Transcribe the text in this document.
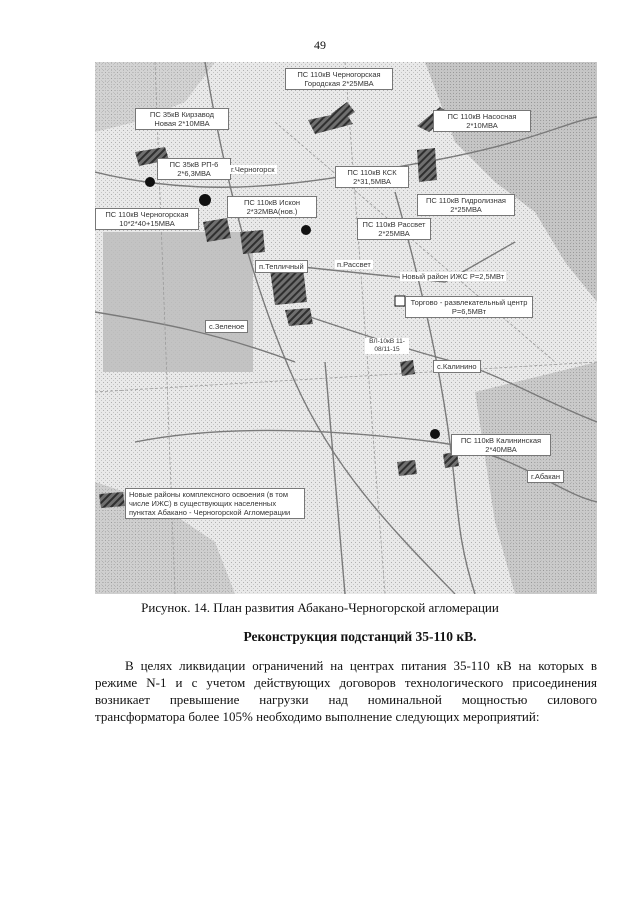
49
ПС 110кВ Черногорская Городская 2*25МВА
ПС 35кВ Кирзавод Новая 2*10МВА
ПС 35кВ РП-6 2*6,3МВА	г.Черногорск
ПС 110кВ Насосная 2*10МВА
ПС 110кВ КСК 2*31,5МВА
ПС 110кВ Черногорская 10*2*40+15МВА
ПС 110кВ Искон 2*32МВА(нов.)
ПС 110кВ Гидролизная 2*25МВА
ПС 110кВ Рассвет 2*25МВА
п.Тепличный	п.Рассвет
Новый район ИЖС Р=2,5МВт
Торгово - развлекательный центр Р=6,5МВт
с.Зеленое
ВЛ-10кВ 11-08/11-15
с.Калинино
ПС 110кВ Калининская 2*40МВА
г.Абакан
Новые районы комплексного освоения (в том числе ИЖС) в существующих населенных пунктах Абакано - Черногорской Агломерации
Рисунок. 14. План развития Абакано-Черногорской агломерации
Реконструкция подстанций 35-110 кВ.
В целях ликвидации ограничений на центрах питания 35-110 кВ на которых в
режиме N-1 и с учетом действующих договоров технологического присоединения
возникает превышение нагрузки над номинальной мощностью силового
трансформатора более 105% необходимо выполнение следующих мероприятий:
